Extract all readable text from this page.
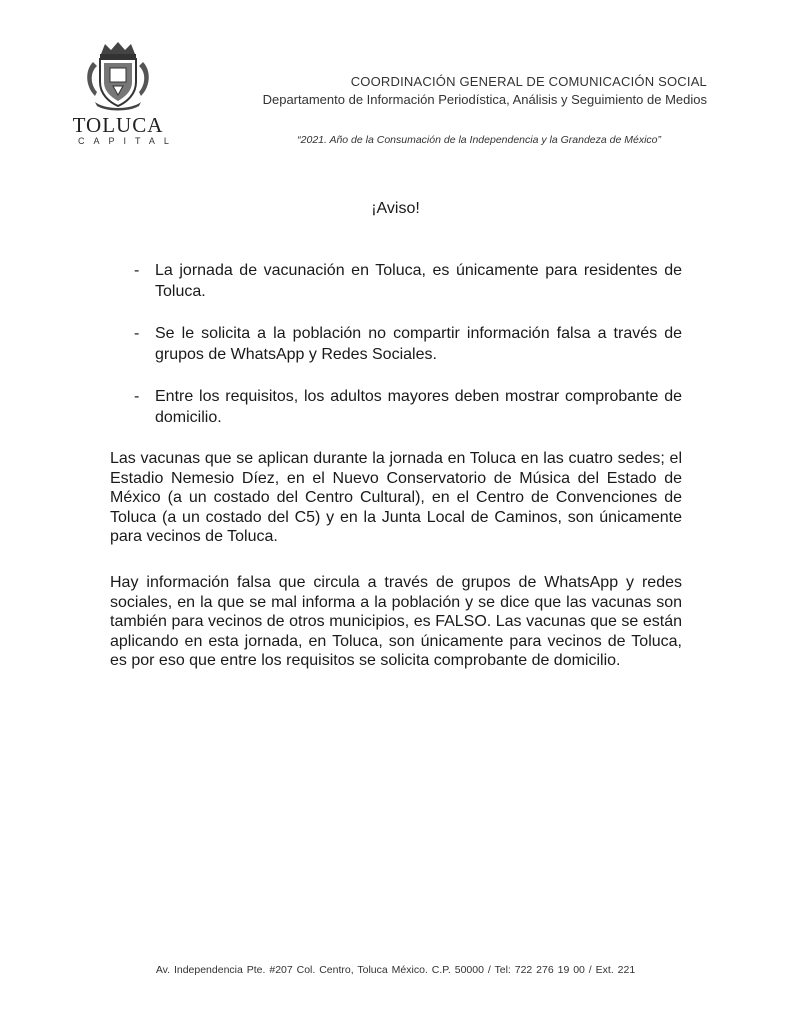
TOLUCA
CAPITAL
COORDINACIÓN GENERAL DE COMUNICACIÓN SOCIAL
Departamento de Información Periodística, Análisis y Seguimiento de Medios
“2021. Año de la Consumación de la Independencia y la Grandeza de México”
¡Aviso!
- La jornada de vacunación en Toluca, es únicamente para residentes de Toluca.
- Se le solicita a la población no compartir información falsa a través de grupos de WhatsApp y Redes Sociales.
- Entre los requisitos, los adultos mayores deben mostrar comprobante de domicilio.

Las vacunas que se aplican durante la jornada en Toluca en las cuatro sedes; el Estadio Nemesio Díez, en el Nuevo Conservatorio de Música del Estado de México (a un costado del Centro Cultural), en el Centro de Convenciones de Toluca (a un costado del C5) y en la Junta Local de Caminos, son únicamente para vecinos de Toluca.

Hay información falsa que circula a través de grupos de WhatsApp y redes sociales, en la que se mal informa a la población y se dice que las vacunas son también para vecinos de otros municipios, es FALSO. Las vacunas que se están aplicando en esta jornada, en Toluca, son únicamente para vecinos de Toluca, es por eso que entre los requisitos se solicita comprobante de domicilio.

Av. Independencia Pte. #207 Col. Centro, Toluca México. C.P. 50000 / Tel: 722 276 19 00 / Ext. 221
